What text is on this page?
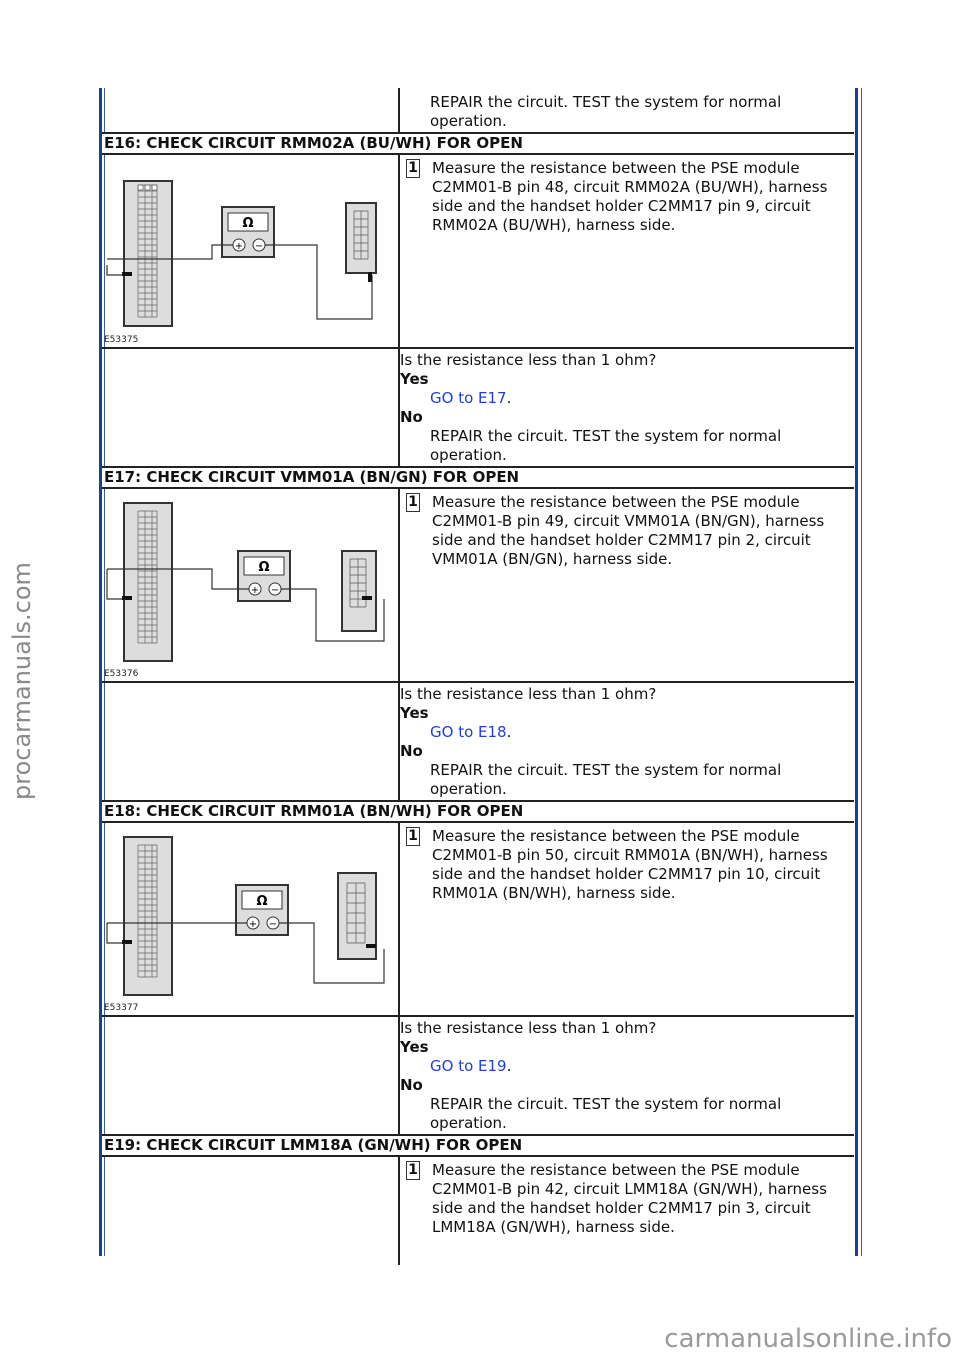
	REPAIR the circuit. TEST the system for normal operation.

E16: CHECK CIRCUIT RMM02A (BU/WH) FOR OPEN	

Ω
+ −
E53375	1 Measure the resistance between the PSE module C2MM01-B pin 48, circuit RMM02A (BU/WH), harness side and the handset holder C2MM17 pin 9, circuit RMM02A (BU/WH), harness side.

	Is the resistance less than 1 ohm?
Yes
GO to E17.
No
REPAIR the circuit. TEST the system for normal operation.

E17: CHECK CIRCUIT VMM01A (BN/GN) FOR OPEN	

Ω
+ −
E53376	1 Measure the resistance between the PSE module C2MM01-B pin 49, circuit VMM01A (BN/GN), harness side and the handset holder C2MM17 pin 2, circuit VMM01A (BN/GN), harness side.

	Is the resistance less than 1 ohm?
Yes
GO to E18.
No
REPAIR the circuit. TEST the system for normal operation.

E18: CHECK CIRCUIT RMM01A (BN/WH) FOR OPEN	

Ω
+ −
E53377	1 Measure the resistance between the PSE module C2MM01-B pin 50, circuit RMM01A (BN/WH), harness side and the handset holder C2MM17 pin 10, circuit RMM01A (BN/WH), harness side.

	Is the resistance less than 1 ohm?
Yes
GO to E19.
No
REPAIR the circuit. TEST the system for normal operation.

E19: CHECK CIRCUIT LMM18A (GN/WH) FOR OPEN	

	1 Measure the resistance between the PSE module C2MM01-B pin 42, circuit LMM18A (GN/WH), harness side and the handset holder C2MM17 pin 3, circuit LMM18A (GN/WH), harness side.
procarmanuals.com
carmanualsonline.info
